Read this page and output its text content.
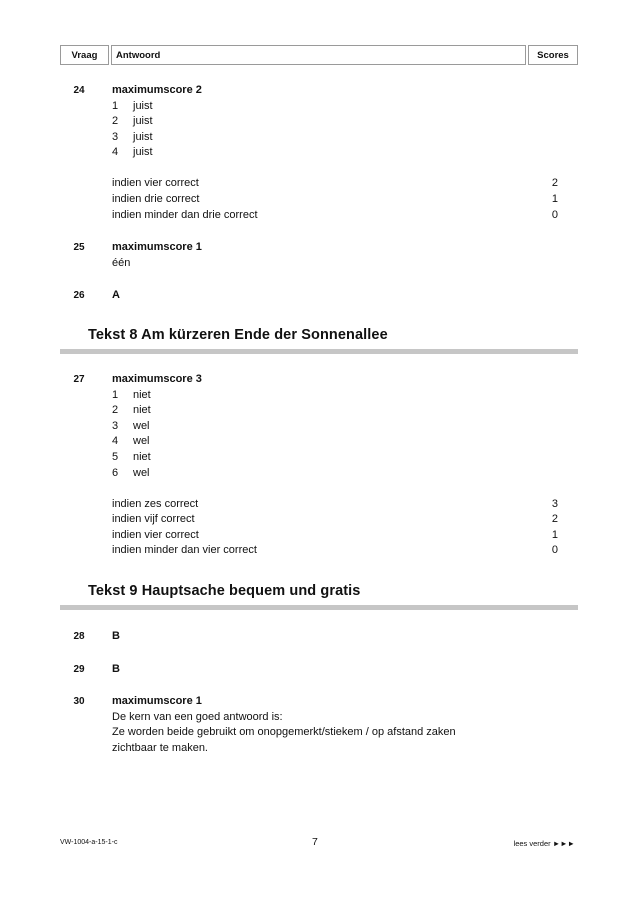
Vraag	Antwoord	Scores
24	maximumscore 2
1	juist
2	juist
3	juist
4	juist
indien vier correct	2
indien drie correct	1
indien minder dan drie correct	0
25	maximumscore 1
één
26	A
Tekst 8 Am kürzeren Ende der Sonnenallee
27	maximumscore 3
1	niet
2	niet
3	wel
4	wel
5	niet
6	wel
indien zes correct	3
indien vijf correct	2
indien vier correct	1
indien minder dan vier correct	0
Tekst 9 Hauptsache bequem und gratis
28	B
29	B
30	maximumscore 1
De kern van een goed antwoord is:
Ze worden beide gebruikt om onopgemerkt/stiekem / op afstand zaken
zichtbaar te maken.
VW-1004-a-15-1-c	7	lees verder ►►►
